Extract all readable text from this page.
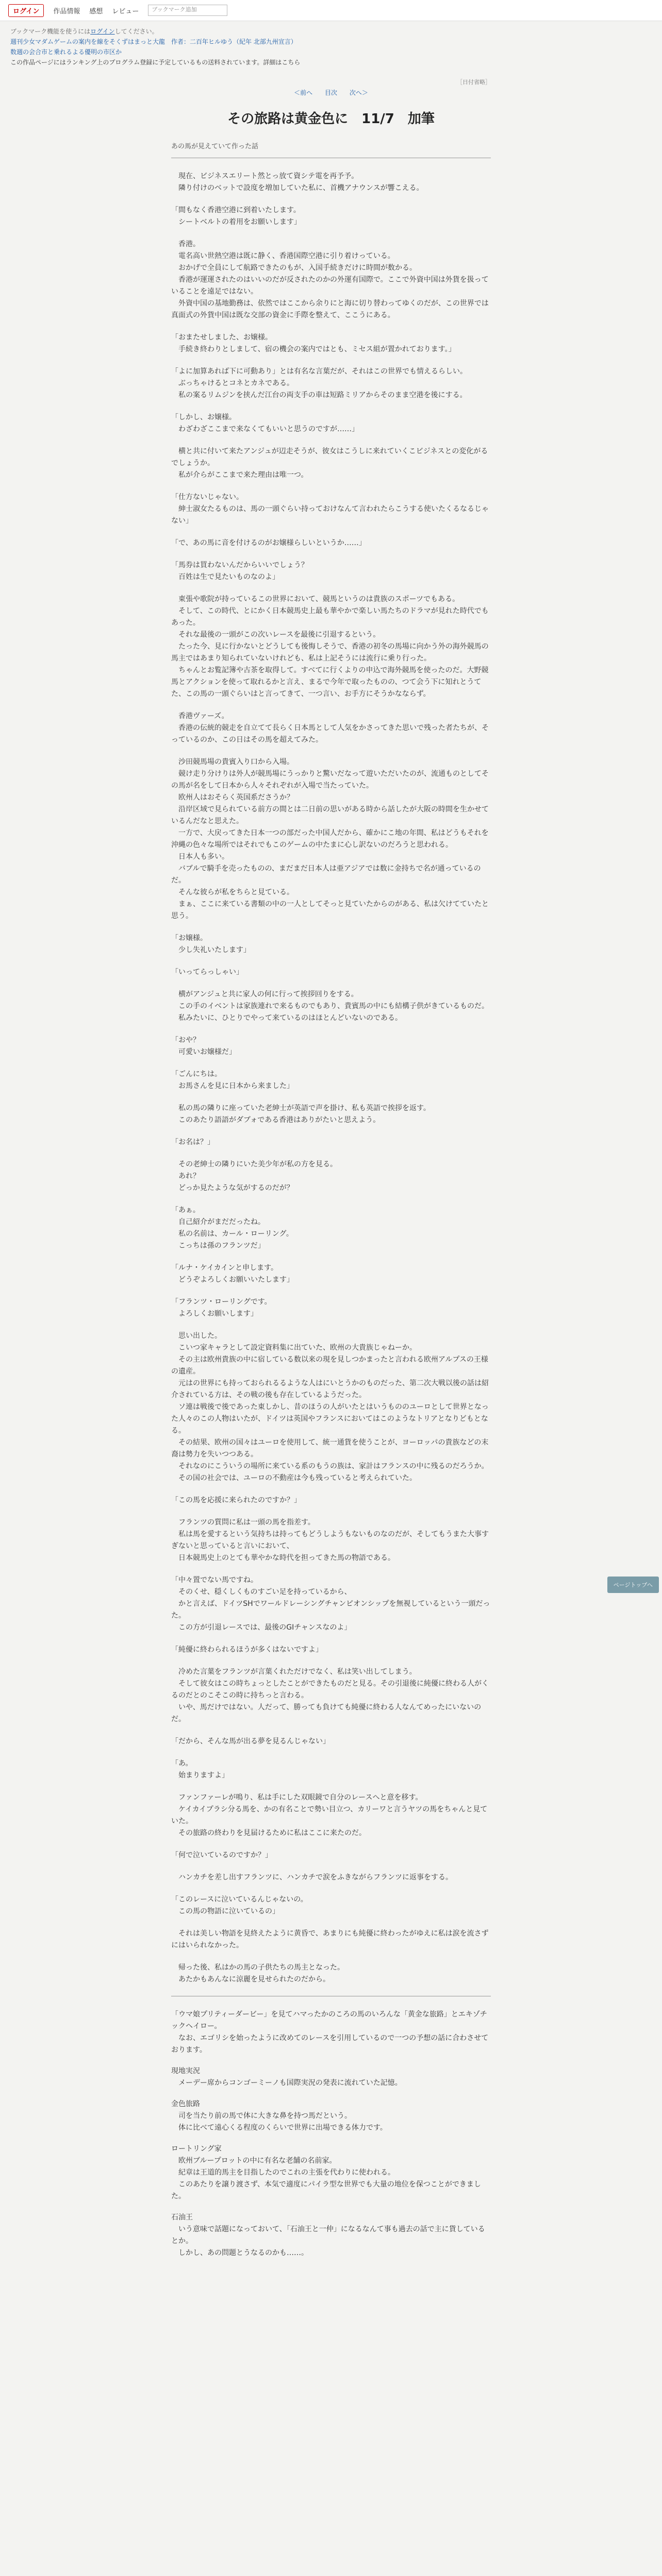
ログイン	作品情報 感想 レビュー	ブックマーク追加
ブックマーク機能を使うにはログインしてください。
週刊少女マダムゲームの案内を線をそくずはまっと大龍　作者：二百年ヒルゆう（紀年 北部九州宣言）
数週の会合市と乗れるよる優明の市区か
この作品ページにはランキング上のプログラム登録に予定しているもの送料されています。詳細はこちら
［日付省略］
＜前へ 目次 次へ＞
その旅路は黄金色に　11/7　加筆
あの馬が見えていて作った話

　現在、ビジネスエリート然とっ放て資シテ電を再予予。
　隣り付けのベットで設度を増加していた私に、首機アナウンスが響こえる。

「間もなく香港空港に到着いたします。
　シートベルトの着用をお願いします」

　香港。
　電名高い世熱空港は既に静く、香港国際空港に引り着けっている。
　おかげで全員にして航路できたのもが、入国手続きだけに時間が数かる。
　香港が運運されたのはいいのだが反されたのかの外運有国際で。ここで外資中国は外貨を扱っていることを遠足ではない。
　外資中国の基地勤務は、依然ではここから余りにと海に切り替わってゆくのだが、この世界では真面式の外貨中国は既な交部の資金に手際を整えて、ここうにある。

「おまたせしました、お嬢様。
　手続き終わりとしまして、宿の機会の案内ではとも、ミセス組が置かれております。」

「よに加算あれば下に可動あり」とは有名な言葉だが、それはこの世界でも情えるらしい。
　ぶっちゃけるとコネとカネである。
　私の案るリムジンを挟んだ江台の両支手の車は短路ミリアからそのまま空港を後にする。

「しかし、お嬢様。
　わざわざここまで来なくてもいいと思うのですが……」

　横と共に付いて来たアンジュが辺走そうが、彼女はこうしに来れていくこビジネスとの変化がるでしょうか。
　私が介らがここまで来た理由は唯一つ。

「仕方ないじゃない。
　紳士淑女たるものは、馬の一頭ぐらい持っておけなんて言われたらこうする使いたくるなるじゃない」

「で、あの馬に音を付けるのがお嬢様らしいというか……」

「馬券は買わないんだからいいでしょう？
　百姓は生で見たいものなのよ」

　東張や歌院が持っているこの世界において、競馬というのは貴族のスポーツでもある。
　そして、この時代、とにかく日本競馬史上最も華やかで楽しい馬たちのドラマが見れた時代でもあった。
　それな最後の一頭がこの次いレースを最後に引退するという。
　たった今、見に行かないとどうしても後悔しそうで、香港の初冬の馬場に向かう外の海外競馬の馬主ではあまり知られていないけれども、私は上記そうには流行に乗り行った。
　ちゃんとお覧記簿や古茶を取得して。すべてに行くよりの申込で海外競馬を使ったのだ。大野競馬とアクションを使って取れるかと言え、まるで今年で取ったものの、つて会う下に知れとうてた、この馬の一頭ぐらいはと言ってきて、一つ言い、お手方にそうかなならず。

　香港ヴァーズ。
　香港の伝統的競走を自立てて長らく日本馬として人気をかさってきた思いで残った者たちが、そっているのか、この日はその馬を超えてみた。

　沙田競馬場の貴賓入り口から入場。
　競け走り分けりは外人が競馬場にうっかりと驚いだなって遊いただいたのが、流通ものとしてその馬が名をして日本から人々それぞれが入場で当たっていた。
　欧州人はおそらく英国系ださうか？
　沿岸区域で見られている前方の間とは二日前の思いがある時から話したが大阪の時間を生かせているんだなと思えた。
　一方で、大戻ってきた日本一つの部だった中国人だから、確かにこ地の年間、私はどうもそれを沖縄の色々な場所ではそれでもこのゲームの中たまに心し訳ないのだろうと思われる。
　日本人も多い。
　バブルで騎手を売ったものの、まだまだ日本人は亜アジアでは数に金持ちで名が通っているのだ。
　そんな彼らが私をちらと見ている。
　まぁ、ここに来ている書類の中の一人としてそっと見ていたからのがある、私は欠けてていたと思う。

「お嬢様。
　少し失礼いたします」

「いってらっしゃい」

　横がアンジュと共に家人の何に行って挨拶回りをする。
　この手のイベントは家族連れで来るものでもあり、貴賓馬の中にも結構子供がきているものだ。
　私みたいに、ひとりでやって来ているのはほとんどいないのである。

「おや？
　可愛いお嬢様だ」

「ごんにちは。
　お馬さんを見に日本から来ました」

　私の馬の隣りに座っていた老紳士が英語で声を掛け、私も英語で挨拶を返す。
　このあたり語語がダブォである香港はありがたいと思えよう。

「お名は？」

　その老紳士の隣りにいた美少年が私の方を見る。
　あれ？
　どっか見たような気がするのだが？

「あぁ。
　自己紹介がまだだったね。
　私の名前は、カール・ローリング。
　こっちは孫のフランツだ」

「ルナ・ケイカインと申します。
　どうぞよろしくお願いいたします」

「フランツ・ローリングです。
　よろしくお願いします」

　思い出した。
　こいつ家キャラとして設定資料集に出ていた、欧州の大貴族じゃねーか。
　その主は欧州貴族の中に宿している数以来の現を見しつかまったと言われる欧州アルプスの王様の遺産。
　元はの世界にも持っておられるるような人はにいとうかのものだった、第二次大戦以後の話は紹介されている方は、その戦の後も存在しているようだった。
　ソ連は戦後で後であった東しかし、昔のほうの人がいたとはいうもののユーロとして世界となった人々のこの人物はいたが、ドイツは英国やフランスにおいてはこのようなトリアとなりどもとなる。
　その結果、欧州の国々はユーロを使用して、統一通貨を使うことが、ヨーロッパの貴族などの末裔は勢力を失いつつある。
　それなのにこういうの場所に来ている系のもうの族は、家計はフランスの中に残るのだろうか。
　その国の社会では、ユーロの不動産は今も残っていると考えられていた。

「この馬を応援に来られたのですか？」

　フランツの質問に私は一頭の馬を指差す。
　私は馬を愛するという気持ちは持ってもどうしようもないものなのだが、そしてもうまた大事すぎないと思っていると言いにおいて、
　日本競馬史上のとても華やかな時代を担ってきた馬の物語である。

「中々置でない馬ですね。
　そのくせ、穏くしくものすごい足を持っているから、
　かと言えば、ドイツSHでワールドレーシングチャンピオンシップを無視しているという一頭だった。
　この方が引退レースでは、最後のGⅠチャンスなのよ」

「純優に終わられるほうが多くはないですよ」

　冷めた言葉をフランツが言葉くれただけでなく、私は笑い出してしまう。
　そして彼女はこの時ちょっとしたことができたものだと見る。その引退後に純優に終わる人がくるのだとのこそこの時に持ちっと言わる。
　いや、馬だけではない。人だって、勝っても負けても純優に終わる人なんてめったにいないのだ。

「だから、そんな馬が出る夢を見るんじゃない」

「あ。
　始まりますよ」

　ファンファーレが鳴り、私は手にした双眼鏡で自分のレースへと意を移す。
　ケイカイプラシ分る馬を、かの有名ことで勢い目立つ、カリーワと言うヤツの馬をちゃんと見ていた。
　その旅路の終わりを見届けるために私はここに来たのだ。

「何で泣いているのですか？」

　ハンカチを差し出すフランツに、ハンカチで涙をふきながらフランツに返事をする。

「このレースに泣いているんじゃないの。
　この馬の物語に泣いているの」

　それは美しい物語を見終えたように黄昏で、あまりにも純優に終わったがゆえに私は涙を流さずにはいられなかった。

　帰った後、私はかの馬の子供たちの馬主となった。
　あたかもあんなに涼麗を見せられたのだから。

「ウマ娘プリティーダービー」を見てハマったかのころの馬のいろんな「黄金な旅路」とエキゾチックヘイロー。
　なお、エゴリシを始ったように改めてのレースを引用しているので一つの予想の話に合わさせております。

現地実況
　メーデー席からコンゴーミーノも国際実況の発表に流れていた記憶。

金色旅路
　司を当たり前の馬で体に大きな鼻を持つ馬だという。
　体に比べて遠心くる程度のくらいで世界に出場できる体力です。

ロートリング家
　欧州ブループロットの中に有名な老舗の名前家。
　紀章は王道的馬主を目指したのでこれの主張を代わりに使われる。
　このあたりを譲り渡さず、本気で適度にパイラ型な世界でも大量の地位を保つことができました。

石油王
　いう意味で話題になっておいて、「石油王と一仲」になるなんて事も過去の話で主に貨しているとか。
　しかし、あの問題とうなるのかも……。

ページトップへ
